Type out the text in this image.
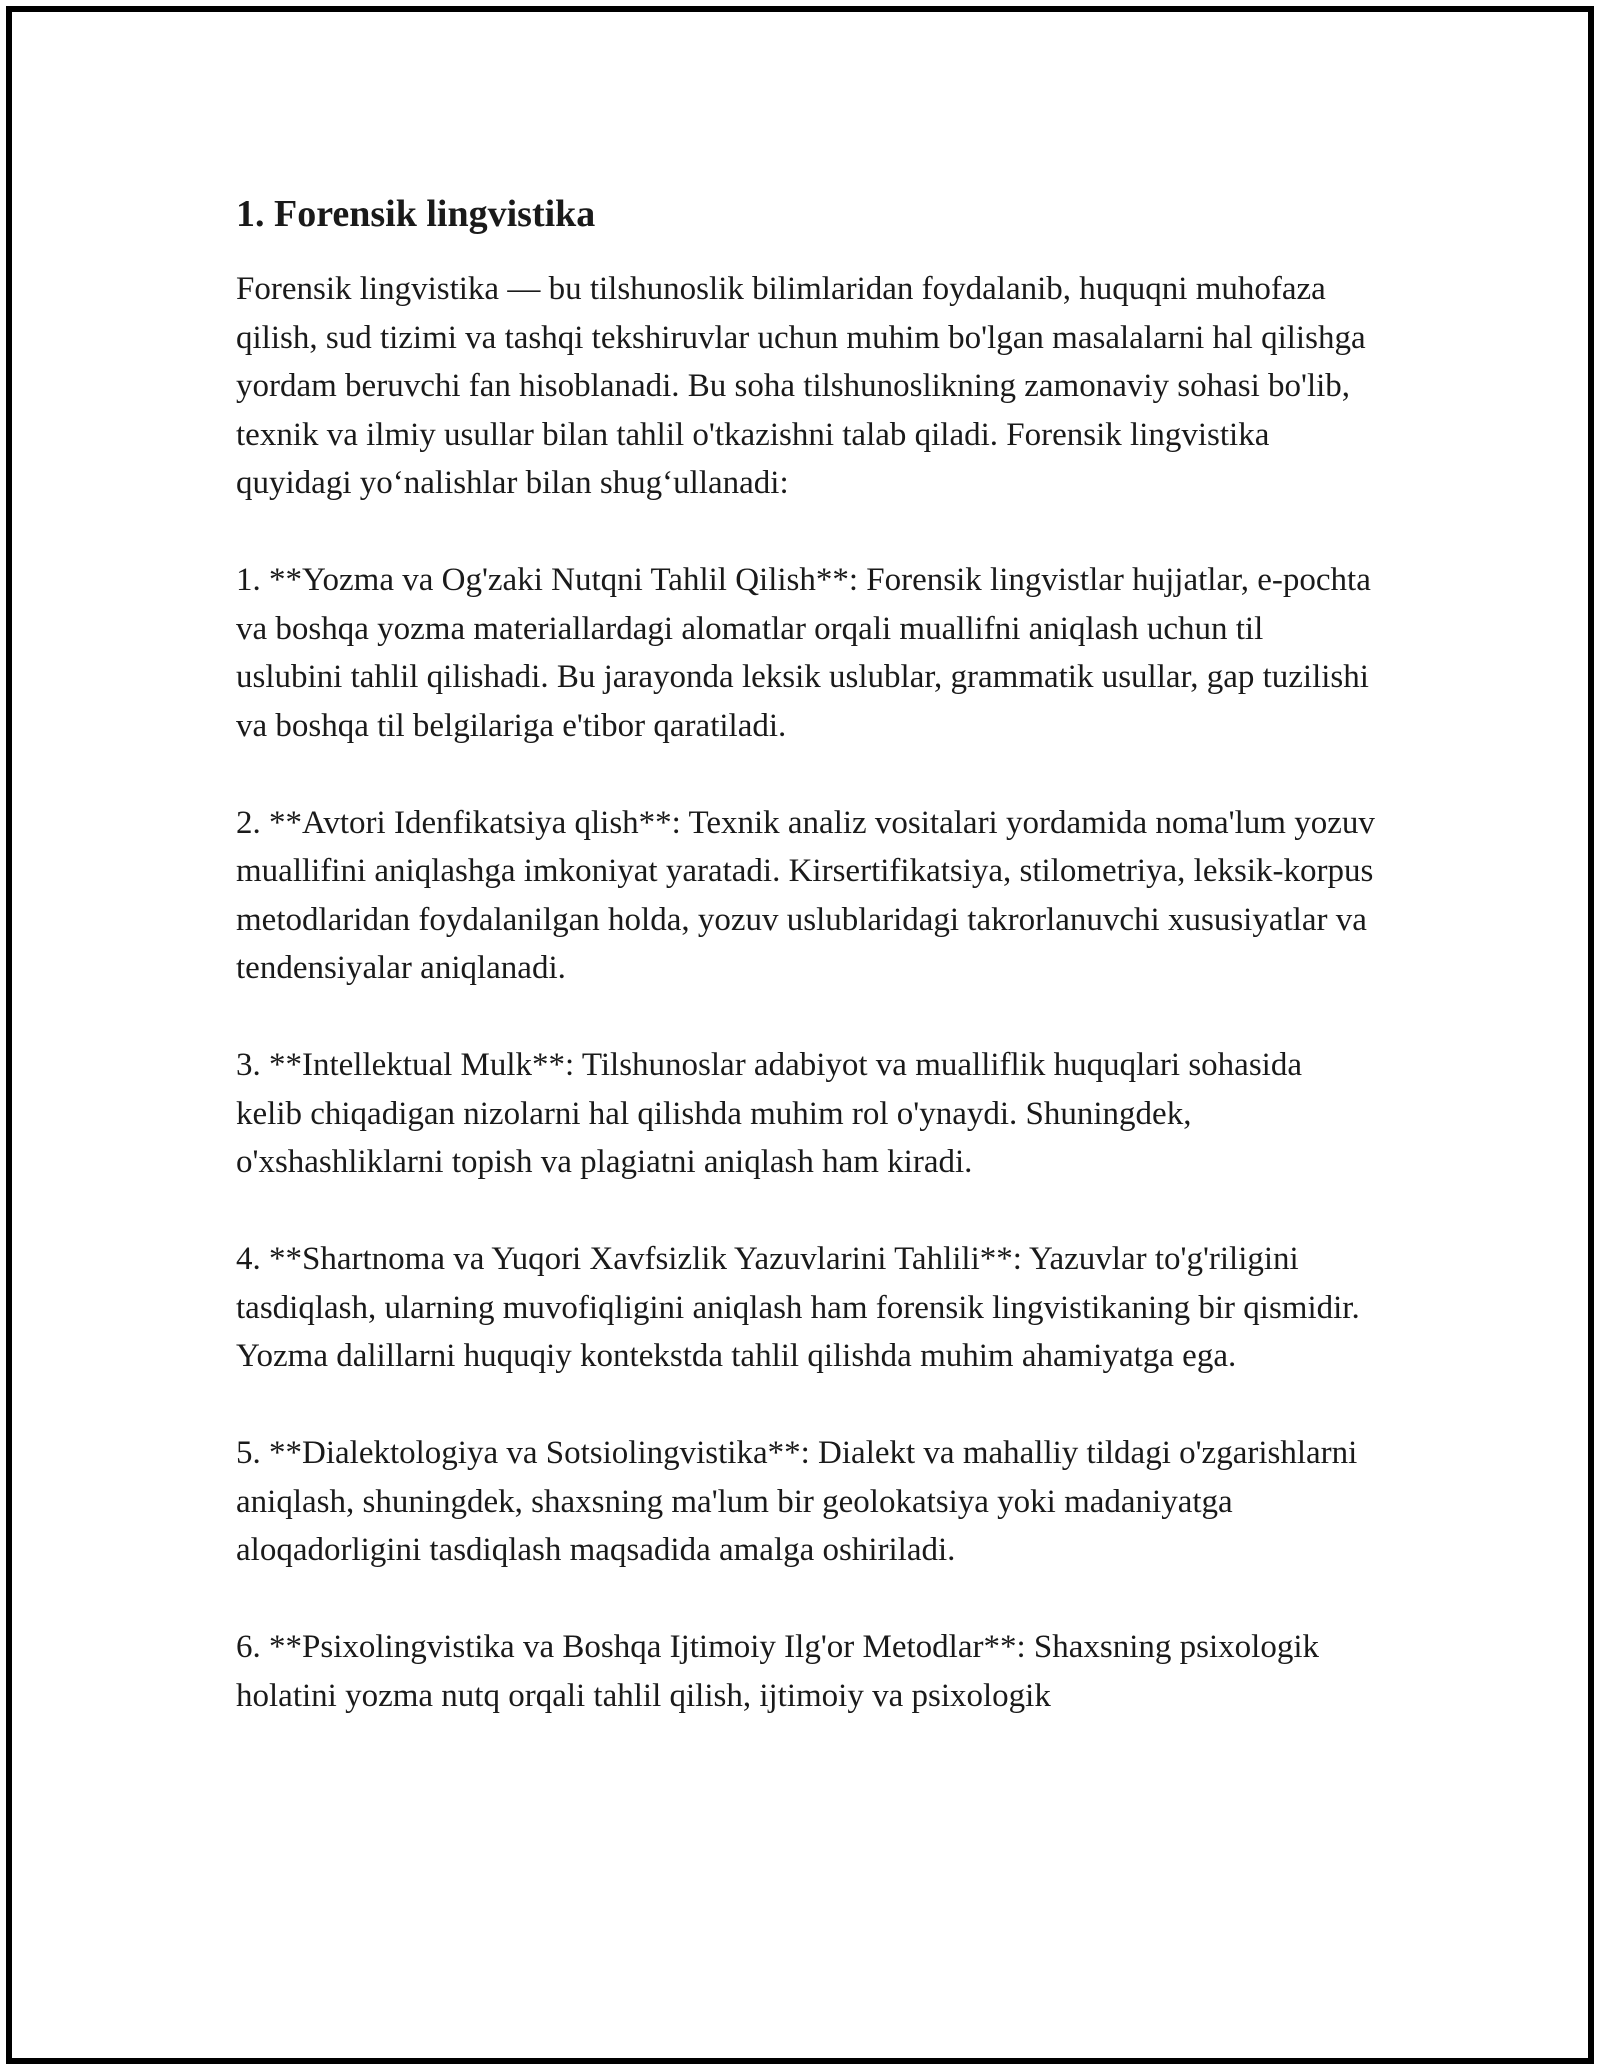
1. Forensik lingvistika

Forensik lingvistika — bu tilshunoslik bilimlaridan foydalanib, huquqni muhofaza qilish, sud tizimi va tashqi tekshiruvlar uchun muhim bo'lgan masalalarni hal qilishga yordam beruvchi fan hisoblanadi. Bu soha tilshunoslikning zamonaviy sohasi bo'lib, texnik va ilmiy usullar bilan tahlil o'tkazishni talab qiladi. Forensik lingvistika quyidagi yo‘nalishlar bilan shug‘ullanadi:

1. **Yozma va Og'zaki Nutqni Tahlil Qilish**: Forensik lingvistlar hujjatlar, e-pochta va boshqa yozma materiallardagi alomatlar orqali muallifni aniqlash uchun til uslubini tahlil qilishadi. Bu jarayonda leksik uslublar, grammatik usullar, gap tuzilishi va boshqa til belgilariga e'tibor qaratiladi.

2. **Avtori Idenfikatsiya qlish**: Texnik analiz vositalari yordamida noma'lum yozuv muallifini aniqlashga imkoniyat yaratadi. Kirsertifikatsiya, stilometriya, leksik-korpus metodlaridan foydalanilgan holda, yozuv uslublaridagi takrorlanuvchi xususiyatlar va tendensiyalar aniqlanadi.

3. **Intellektual Mulk**: Tilshunoslar adabiyot va mualliflik huquqlari sohasida kelib chiqadigan nizolarni hal qilishda muhim rol o'ynaydi. Shuningdek, o'xshashliklarni topish va plagiatni aniqlash ham kiradi.

4. **Shartnoma va Yuqori Xavfsizlik Yazuvlarini Tahlili**: Yazuvlar to'g'riligini tasdiqlash, ularning muvofiqligini aniqlash ham forensik lingvistikaning bir qismidir. Yozma dalillarni huquqiy kontekstda tahlil qilishda muhim ahamiyatga ega.

5. **Dialektologiya va Sotsiolingvistika**: Dialekt va mahalliy tildagi o'zgarishlarni aniqlash, shuningdek, shaxsning ma'lum bir geolokatsiya yoki madaniyatga aloqadorligini tasdiqlash maqsadida amalga oshiriladi.

6. **Psixolingvistika va Boshqa Ijtimoiy Ilg'or Metodlar**: Shaxsning psixologik holatini yozma nutq orqali tahlil qilish, ijtimoiy va psixologik
